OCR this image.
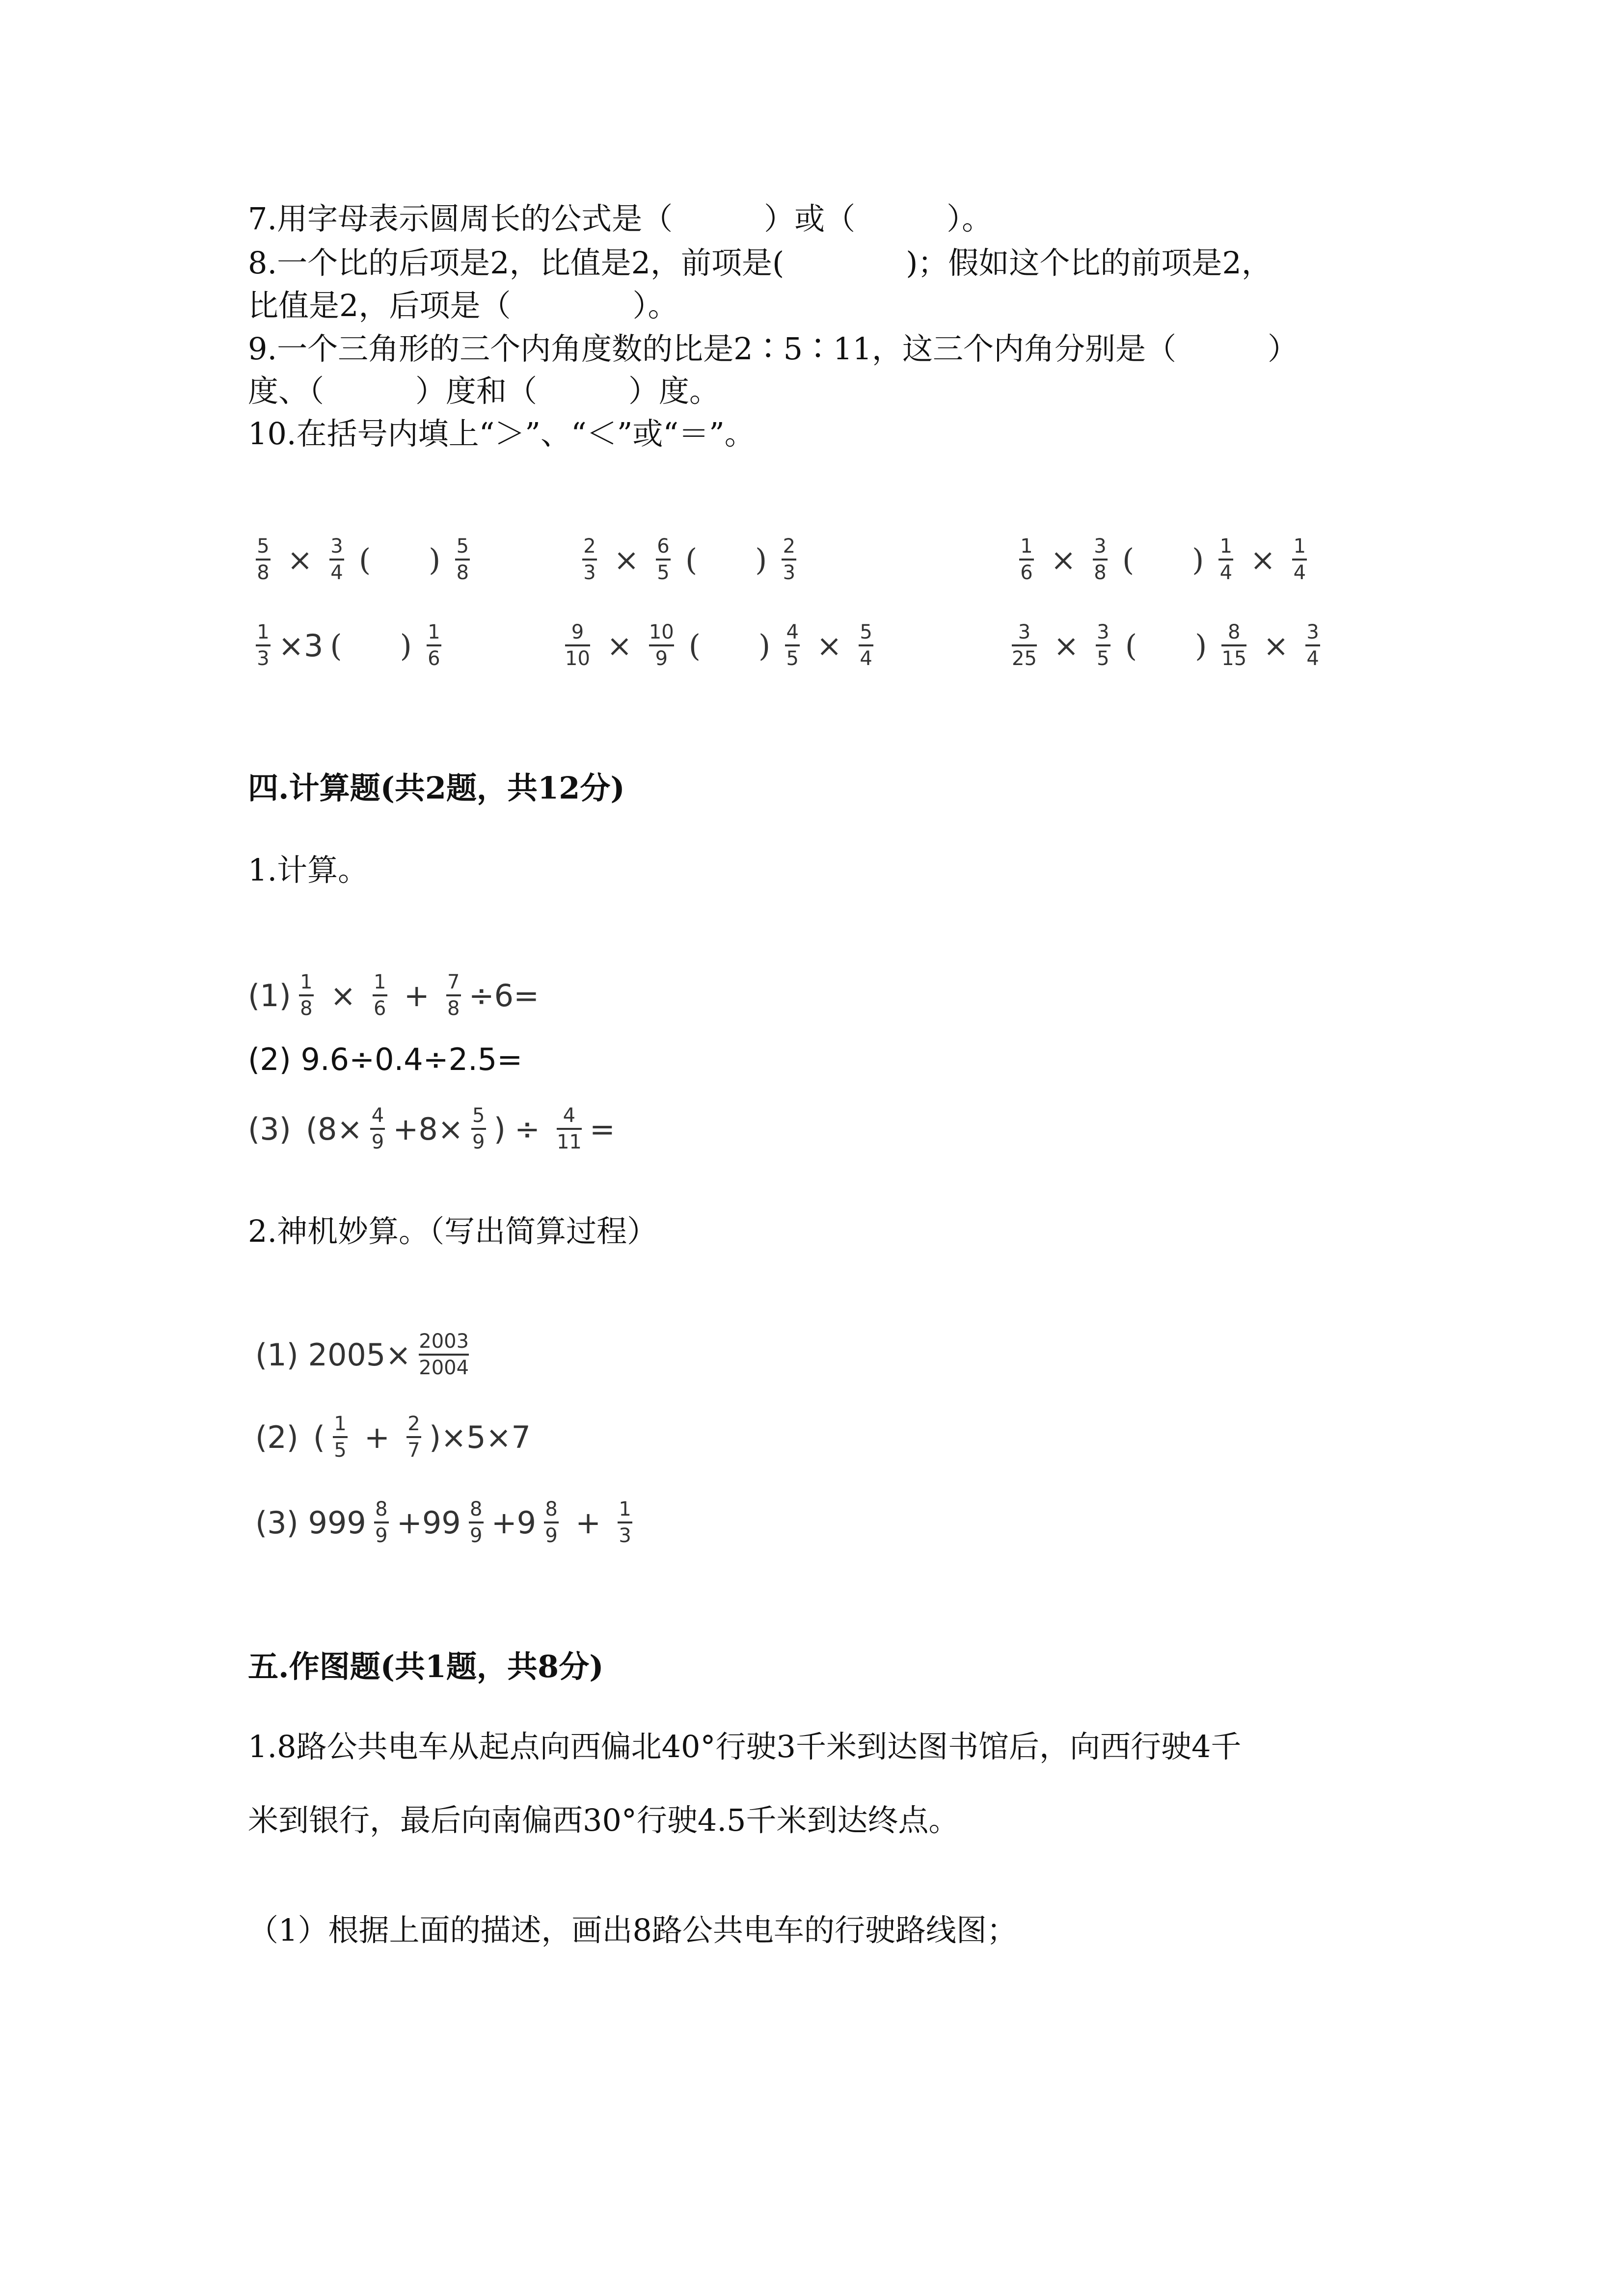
7.用字母表示圆周长的公式是（　　　）或（　　　）。
8.一个比的后项是2，比值是2，前项是(　　　　)；假如这个比的前项是2，
比值是2，后项是（　　　　）。
9.一个三角形的三个内角度数的比是2∶5∶11，这三个内角分别是（　　　）
度、（　　　）度和（　　　）度。
10.在括号内填上“＞”、“＜”或“＝”。
$\frac{5}{8} \times \frac{3}{4}$ ( ) $\frac{5}{8}$	$\frac{2}{3} \times \frac{6}{5}$ ( ) $\frac{2}{3}$	$\frac{1}{6} \times \frac{3}{8}$ ( ) $\frac{1}{4} \times \frac{1}{4}$
$\frac{1}{3} \times 3$ ( ) $\frac{1}{6}$	$\frac{9}{10} \times \frac{10}{9}$ ( ) $\frac{4}{5} \times \frac{5}{4}$	$\frac{3}{25} \times \frac{3}{5}$ ( ) $\frac{8}{15} \times \frac{3}{4}$
四.计算题(共2题，共12分)
1.计算。
$(1) \frac{1}{8} \times \frac{1}{6} + \frac{7}{8} \div 6=$
(2) 9.6÷0.4÷2.5=
(3) ($8\times \frac{4}{9} +8\times \frac{5}{9}$ ) ÷ $\frac{4}{11}$ =
2.神机妙算。（写出简算过程）
(1) $2005\times \frac{2003}{2004}$
(2) ( $\frac{1}{5} + \frac{2}{7} )\times 5\times 7$
(3) $999 \frac{8}{9} +99 \frac{8}{9} +9 \frac{8}{9} + \frac{1}{3}$
五.作图题(共1题，共8分)
1.8路公共电车从起点向西偏北40°行驶3千米到达图书馆后，向西行驶4千
米到银行，最后向南偏西30°行驶4.5千米到达终点。
（1）根据上面的描述，画出8路公共电车的行驶路线图；
